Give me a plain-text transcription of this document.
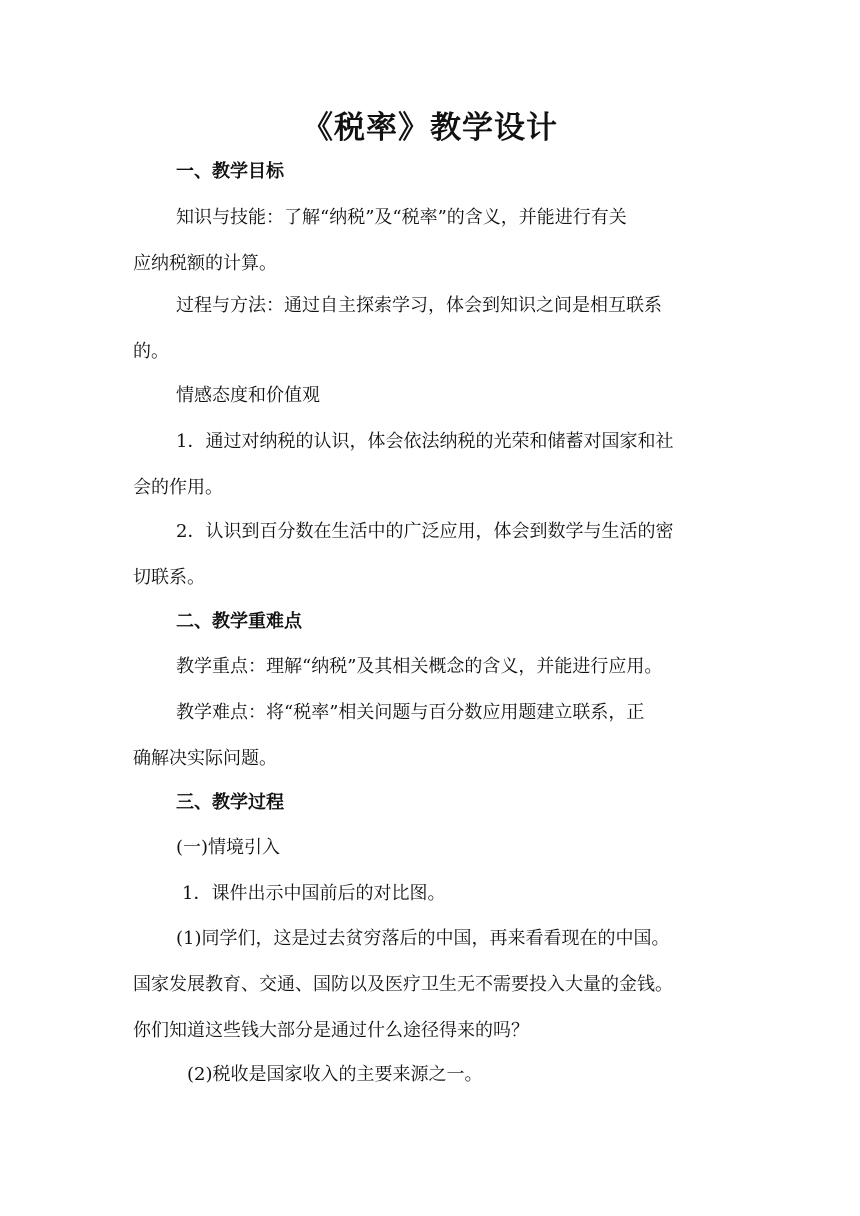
《税率》教学设计
一、教学目标
知识与技能：了解“纳税”及“税率”的含义，并能进行有关
应纳税额的计算。
过程与方法：通过自主探索学习，体会到知识之间是相互联系
的。
情感态度和价值观
1．通过对纳税的认识，体会依法纳税的光荣和储蓄对国家和社
会的作用。
2．认识到百分数在生活中的广泛应用，体会到数学与生活的密
切联系。
二、教学重难点
教学重点：理解“纳税”及其相关概念的含义，并能进行应用。
教学难点：将“税率”相关问题与百分数应用题建立联系，正
确解决实际问题。
三、教学过程
(一)情境引入
1．课件出示中国前后的对比图。
(1)同学们，这是过去贫穷落后的中国，再来看看现在的中国。
国家发展教育、交通、国防以及医疗卫生无不需要投入大量的金钱。
你们知道这些钱大部分是通过什么途径得来的吗？
(2)税收是国家收入的主要来源之一。
